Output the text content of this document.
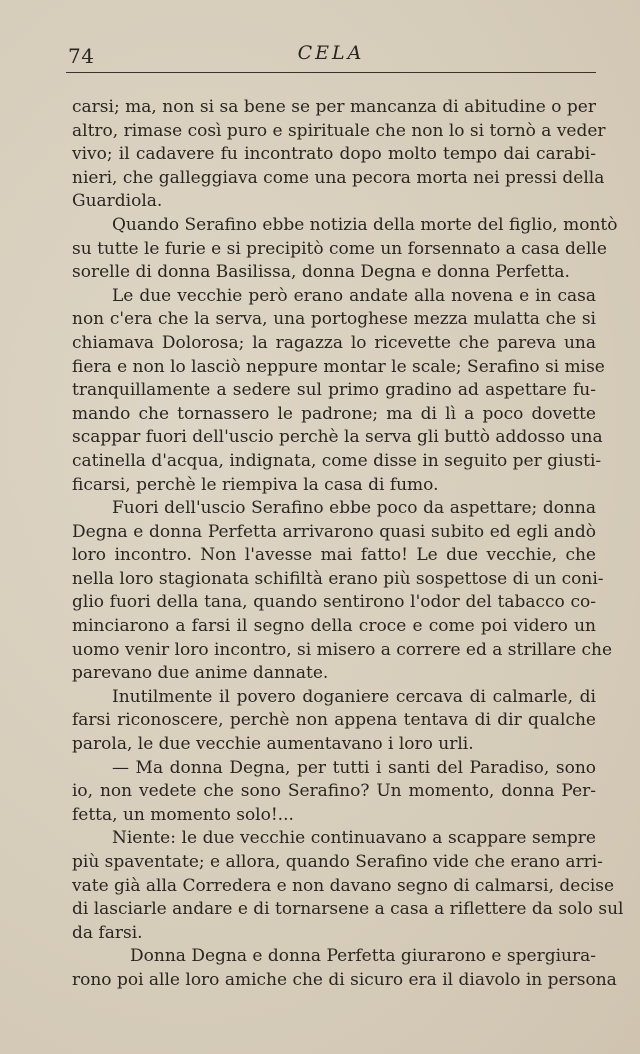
74	CELA
carsi; ma, non si sa bene se per mancanza di abitudine o per
altro, rimase così puro e spirituale che non lo si tornò a veder
vivo; il cadavere fu incontrato dopo molto tempo dai carabi-
nieri, che galleggiava come una pecora morta nei pressi della
Guardiola.
Quando Serafino ebbe notizia della morte del figlio, montò
su tutte le furie e si precipitò come un forsennato a casa delle
sorelle di donna Basilissa, donna Degna e donna Perfetta.
Le due vecchie però erano andate alla novena e in casa
non c'era che la serva, una portoghese mezza mulatta che si
chiamava Dolorosa; la ragazza lo ricevette che pareva una
fiera e non lo lasciò neppure montar le scale; Serafino si mise
tranquillamente a sedere sul primo gradino ad aspettare fu-
mando che tornassero le padrone; ma di lì a poco dovette
scappar fuori dell'uscio perchè la serva gli buttò addosso una
catinella d'acqua, indignata, come disse in seguito per giusti-
ficarsi, perchè le riempiva la casa di fumo.
Fuori dell'uscio Serafino ebbe poco da aspettare; donna
Degna e donna Perfetta arrivarono quasi subito ed egli andò
loro incontro. Non l'avesse mai fatto! Le due vecchie, che
nella loro stagionata schifiltà erano più sospettose di un coni-
glio fuori della tana, quando sentirono l'odor del tabacco co-
minciarono a farsi il segno della croce e come poi videro un
uomo venir loro incontro, si misero a correre ed a strillare che
parevano due anime dannate.
Inutilmente il povero doganiere cercava di calmarle, di
farsi riconoscere, perchè non appena tentava di dir qualche
parola, le due vecchie aumentavano i loro urli.
— Ma donna Degna, per tutti i santi del Paradiso, sono
io, non vedete che sono Serafino? Un momento, donna Per-
fetta, un momento solo!...
Niente: le due vecchie continuavano a scappare sempre
più spaventate; e allora, quando Serafino vide che erano arri-
vate già alla Corredera e non davano segno di calmarsi, decise
di lasciarle andare e di tornarsene a casa a riflettere da solo sul
da farsi.
Donna Degna e donna Perfetta giurarono e spergiura-
rono poi alle loro amiche che di sicuro era il diavolo in persona
